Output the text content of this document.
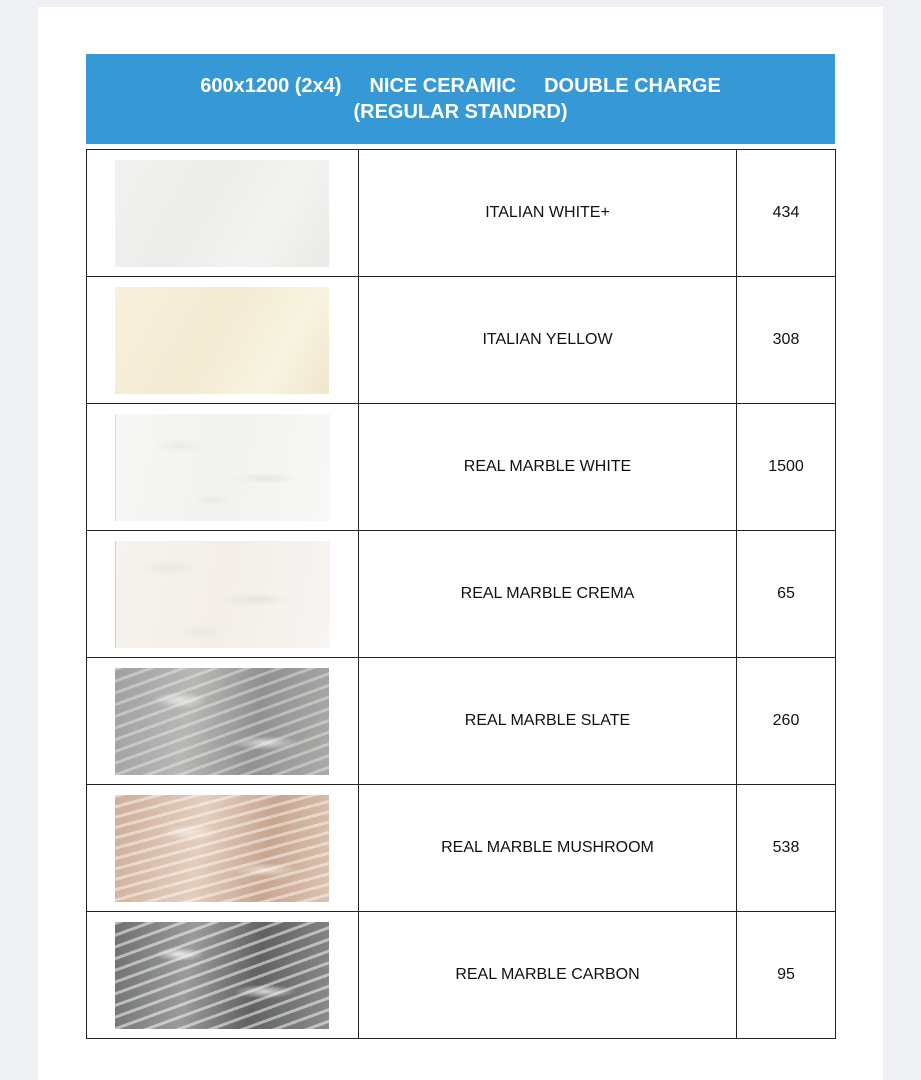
600x1200 (2x4) NICE CERAMIC DOUBLE CHARGE
(REGULAR STANDRD)
	ITALIAN WHITE+	434

	ITALIAN YELLOW	308

	REAL MARBLE WHITE	1500

	REAL MARBLE CREMA	65

	REAL MARBLE SLATE	260

	REAL MARBLE MUSHROOM	538

	REAL MARBLE CARBON	95
